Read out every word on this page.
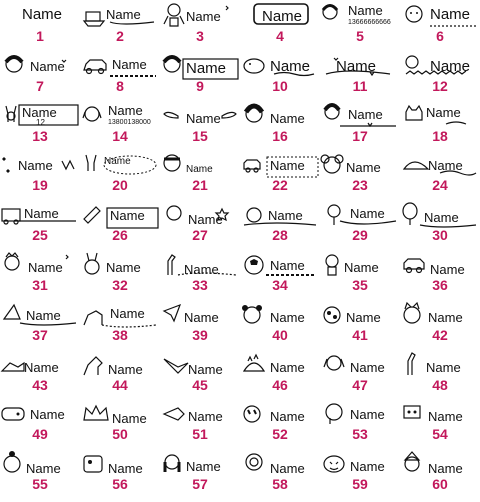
Name
1
Name
2
Name
3
Name
4
Name
13666666666
5
Name
6
Name
7
Name
8
Name
9
Name
10
Name
11
Name
12
Name
12
13
Name
13800138000
14
Name
15
Name
16
Name
17
Name
18
Name
19
Name
20
Name
21
Name
22
Name
23
Name
24
Name
25
Name
26
Name
27
Name
28
Name
29
Name
30
Name
31
Name
32
Name
33
Name
34
Name
35
Name
36
Name
37
Name
38
Name
39
Name
40
Name
41
Name
42
Name
43
Name
44
Name
45
Name
46
Name
47
Name
48
Name
49
Name
50
Name
51
Name
52
Name
53
Name
54
Name
55
Name
56
Name
57
Name
58
Name
59
Name
60
